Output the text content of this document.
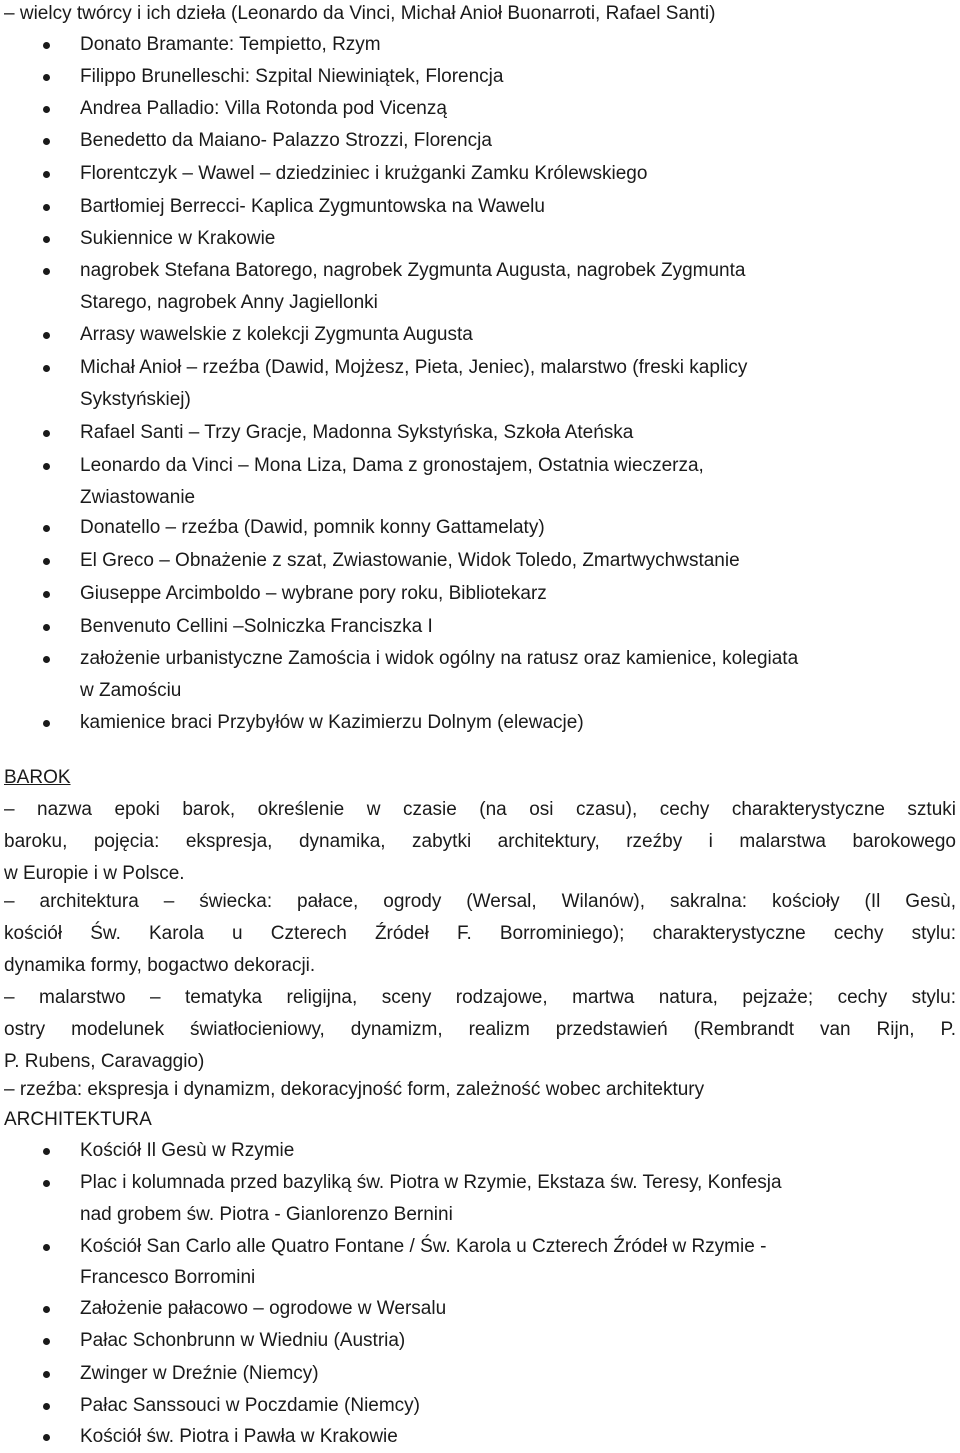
– wielcy twórcy i ich dzieła (Leonardo da Vinci, Michał Anioł Buonarroti, Rafael Santi)
Donato Bramante: Tempietto, Rzym
Filippo Brunelleschi: Szpital Niewiniątek, Florencja
Andrea Palladio: Villa Rotonda pod Vicenzą
Benedetto da Maiano- Palazzo Strozzi, Florencja
Florentczyk – Wawel – dziedziniec i krużganki Zamku Królewskiego
Bartłomiej Berrecci- Kaplica Zygmuntowska na Wawelu
Sukiennice w Krakowie
nagrobek Stefana Batorego, nagrobek Zygmunta Augusta, nagrobek Zygmunta
Starego, nagrobek Anny Jagiellonki
Arrasy wawelskie z kolekcji Zygmunta Augusta
Michał Anioł – rzeźba (Dawid, Mojżesz, Pieta, Jeniec), malarstwo (freski kaplicy
Sykstyńskiej)
Rafael Santi – Trzy Gracje, Madonna Sykstyńska, Szkoła Ateńska
Leonardo da Vinci – Mona Liza, Dama z gronostajem, Ostatnia wieczerza,
Zwiastowanie
Donatello – rzeźba (Dawid, pomnik konny Gattamelaty)
El Greco – Obnażenie z szat, Zwiastowanie, Widok Toledo, Zmartwychwstanie
Giuseppe Arcimboldo – wybrane pory roku, Bibliotekarz
Benvenuto Cellini –Solniczka Franciszka I
założenie urbanistyczne Zamościa i widok ogólny na ratusz oraz kamienice, kolegiata
w Zamościu
kamienice braci Przybyłów w Kazimierzu Dolnym (elewacje)
BAROK
– nazwa epoki barok, określenie w czasie (na osi czasu), cechy charakterystyczne sztuki
baroku, pojęcia: ekspresja, dynamika, zabytki architektury, rzeźby i malarstwa barokowego
w Europie i w Polsce.
– architektura – świecka: pałace, ogrody (Wersal, Wilanów), sakralna: kościoły (Il Gesù,
kościół Św. Karola u Czterech Źródeł F. Borrominiego); charakterystyczne cechy stylu:
dynamika formy, bogactwo dekoracji.
– malarstwo – tematyka religijna, sceny rodzajowe, martwa natura, pejzaże; cechy stylu:
ostry modelunek światłocieniowy, dynamizm, realizm przedstawień (Rembrandt van Rijn, P.
P. Rubens, Caravaggio)
– rzeźba: ekspresja i dynamizm, dekoracyjność form, zależność wobec architektury
ARCHITEKTURA
Kościół Il Gesù w Rzymie
Plac i kolumnada przed bazyliką św. Piotra w Rzymie, Ekstaza św. Teresy, Konfesja
nad grobem św. Piotra - Gianlorenzo Bernini
Kościół San Carlo alle Quatro Fontane / Św. Karola u Czterech Źródeł w Rzymie -
Francesco Borromini
Założenie pałacowo – ogrodowe w Wersalu
Pałac Schonbrunn w Wiedniu (Austria)
Zwinger w Dreźnie (Niemcy)
Pałac Sanssouci w Poczdamie (Niemcy)
Kościół św. Piotra i Pawła w Krakowie
